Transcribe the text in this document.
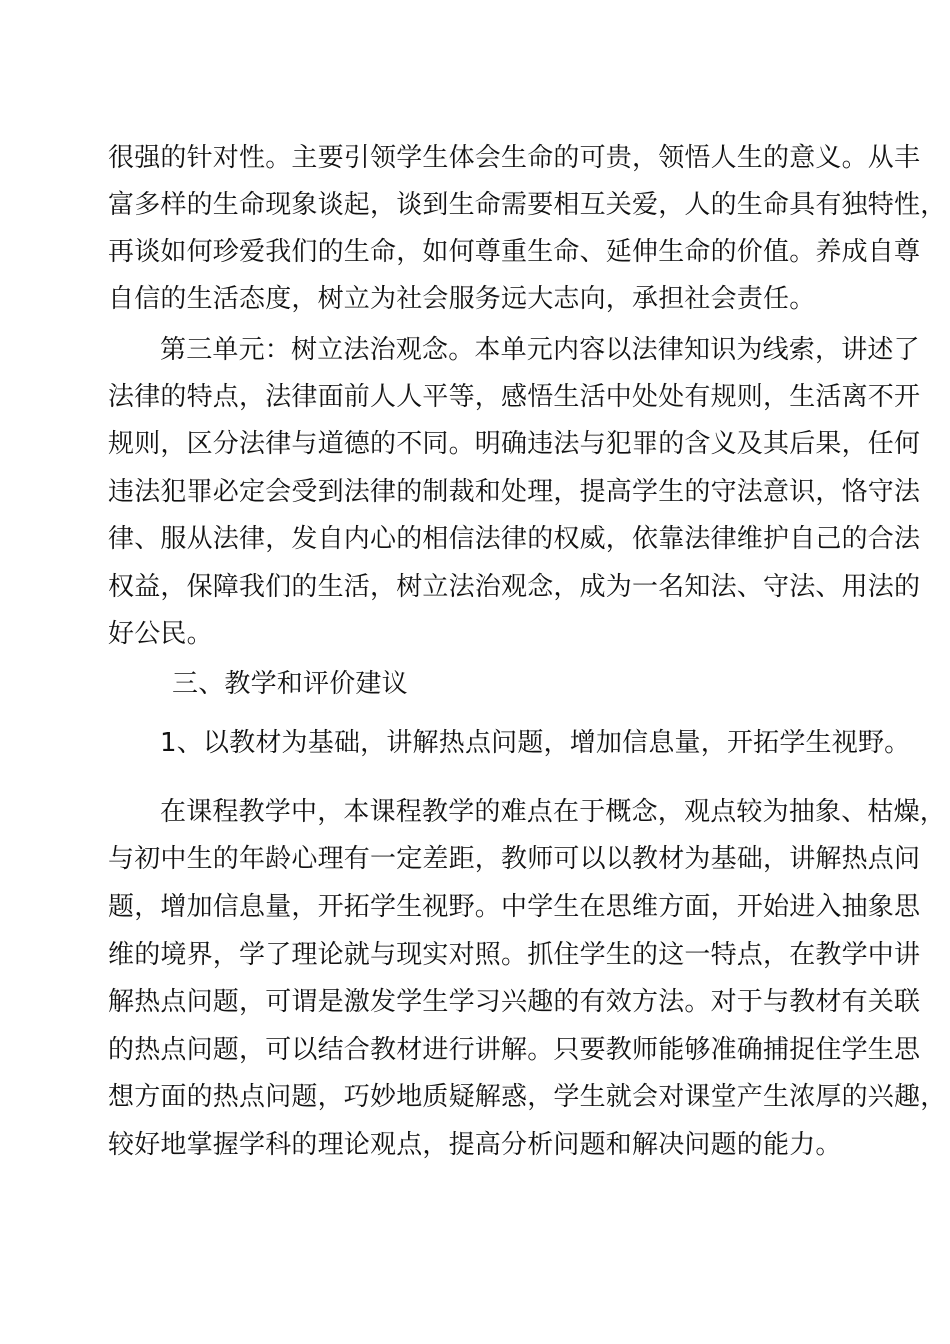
很强的针对性。主要引领学生体会生命的可贵，领悟人生的意义。从丰
富多样的生命现象谈起，谈到生命需要相互关爱，人的生命具有独特性，
再谈如何珍爱我们的生命，如何尊重生命、延伸生命的价值。养成自尊
自信的生活态度，树立为社会服务远大志向，承担社会责任。
第三单元：树立法治观念。本单元内容以法律知识为线索，讲述了
法律的特点，法律面前人人平等，感悟生活中处处有规则，生活离不开
规则，区分法律与道德的不同。明确违法与犯罪的含义及其后果，任何
违法犯罪必定会受到法律的制裁和处理，提高学生的守法意识，恪守法
律、服从法律，发自内心的相信法律的权威，依靠法律维护自己的合法
权益，保障我们的生活，树立法治观念，成为一名知法、守法、用法的
好公民。
三、教学和评价建议
1、以教材为基础，讲解热点问题，增加信息量，开拓学生视野。
在课程教学中，本课程教学的难点在于概念，观点较为抽象、枯燥，
与初中生的年龄心理有一定差距，教师可以以教材为基础，讲解热点问
题，增加信息量，开拓学生视野。中学生在思维方面，开始进入抽象思
维的境界，学了理论就与现实对照。抓住学生的这一特点，在教学中讲
解热点问题，可谓是激发学生学习兴趣的有效方法。对于与教材有关联
的热点问题，可以结合教材进行讲解。只要教师能够准确捕捉住学生思
想方面的热点问题，巧妙地质疑解惑，学生就会对课堂产生浓厚的兴趣，
较好地掌握学科的理论观点，提高分析问题和解决问题的能力。
